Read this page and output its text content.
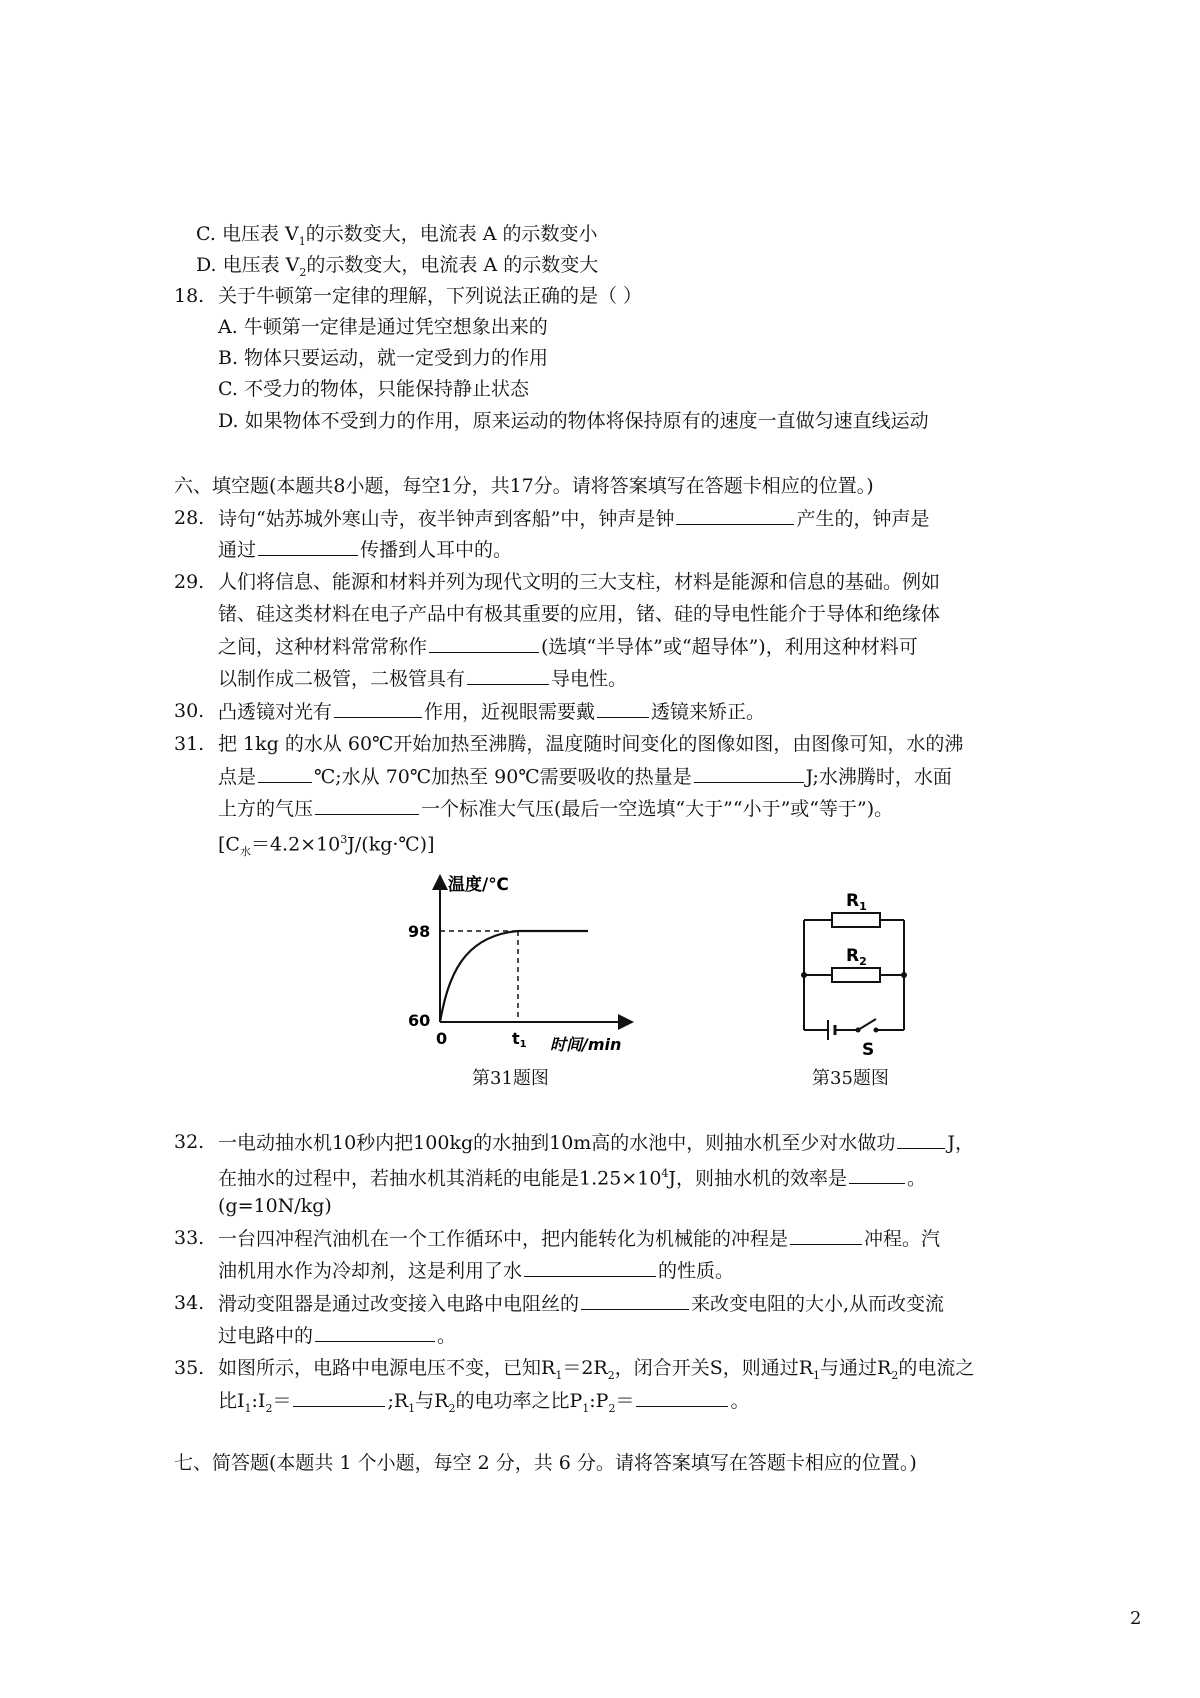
C. 电压表 $V_1$的示数变大，电流表 A 的示数变小
D. 电压表 $V_2$的示数变大，电流表 A 的示数变大
18. 关于牛顿第一定律的理解，下列说法正确的是（ ）
A. 牛顿第一定律是通过凭空想象出来的
B. 物体只要运动，就一定受到力的作用
C. 不受力的物体，只能保持静止状态
D. 如果物体不受到力的作用，原来运动的物体将保持原有的速度一直做匀速直线运动
六、填空题(本题共8小题，每空1分，共17分。请将答案填写在答题卡相应的位置。)
28. 诗句“姑苏城外寒山寺，夜半钟声到客船”中，钟声是钟	产生的，钟声是
通过	传播到人耳中的。
29. 人们将信息、能源和材料并列为现代文明的三大支柱，材料是能源和信息的基础。例如
锗、硅这类材料在电子产品中有极其重要的应用，锗、硅的导电性能介于导体和绝缘体
之间，这种材料常常称作	(选填“半导体”或“超导体”)，利用这种材料可
以制作成二极管，二极管具有	导电性。
30. 凸透镜对光有	作用，近视眼需要戴	透镜来矫正。
31. 把 1kg 的水从 60℃开始加热至沸腾，温度随时间变化的图像如图，由图像可知，水的沸
点是	℃;水从 70℃加热至 90℃需要吸收的热量是	J;水沸腾时，水面
上方的气压	一个标准大气压(最后一空选填“大于”“小于”或“等于”)。
$[C_水=4.2\times 10^3J/(kg\cdot℃)]$
温度/℃
98
60
0	t1 时间/min
第31题图
$R_1$
$R_2$
S
第35题图
32. 一电动抽水机10秒内把100kg的水抽到10m高的水池中，则抽水机至少对水做功	J，
在抽水的过程中，若抽水机其消耗的电能是$1.25\times 10^4J$，则抽水机的效率是	。
(g=10N/kg)
33. 一台四冲程汽油机在一个工作循环中，把内能转化为机械能的冲程是	冲程。汽
油机用水作为冷却剂，这是利用了水	的性质。
34. 滑动变阻器是通过改变接入电路中电阻丝的	来改变电阻的大小,从而改变流
过电路中的	。
35. 如图所示，电路中电源电压不变，已知$R_1=2R_2$，闭合开关S，则通过$R_1$与通过$R_2$的电流之
比$I_1:I_2=$	$;R_1$与$R_2$的电功率之比$P_1:P_2=$	。
七、简答题(本题共 1 个小题，每空 2 分，共 6 分。请将答案填写在答题卡相应的位置。)
2
